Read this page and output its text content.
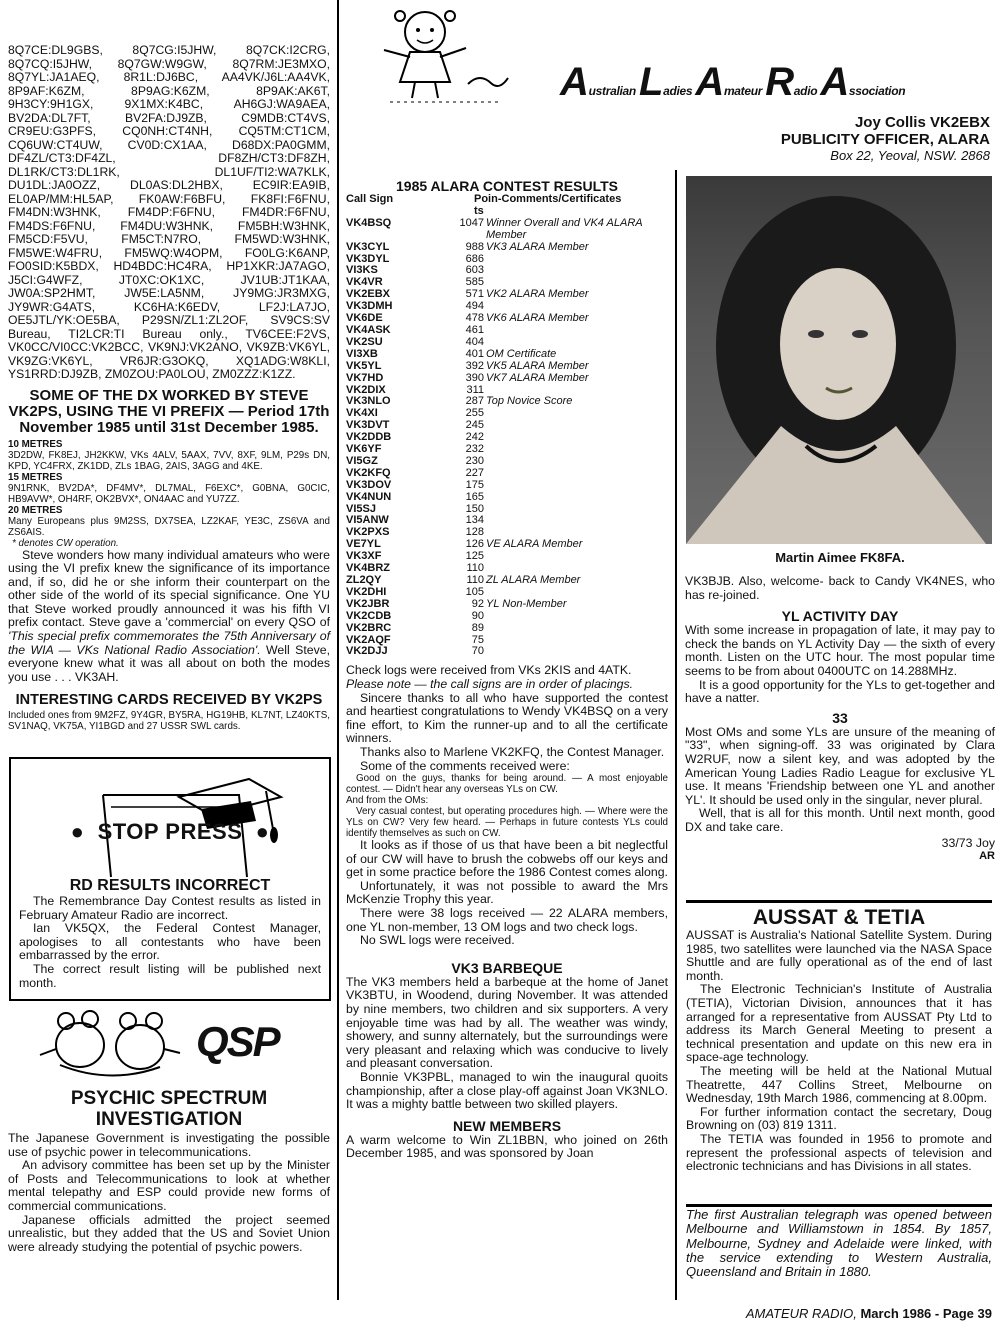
8Q7CE:DL9GBS, 8Q7CG:I5JHW, 8Q7CK:I2CRG, 8Q7CQ:I5JHW, 8Q7GW:W9GW, 8Q7RM:JE3MXO, 8Q7YL:JA1AEQ, 8R1L:DJ6BC, AA4VK/J6L:AA4VK, 8P9AF:K6ZM, 8P9AG:K6ZM, 8P9AK:AK6T, 9H3CY:9H1GX, 9X1MX:K4BC, AH6GJ:WA9AEA, BV2DA:DL7FT, BV2FA:DJ9ZB, C9MDB:CT4VS, CR9EU:G3PFS, CQ0NH:CT4NH, CQ5TM:CT1CM, CQ6UW:CT4UW, CV0D:CX1AA, D68DX:PA0GMM, DF4ZL/CT3:DF4ZL, DF8ZH/CT3:DF8ZH, DL1RK/CT3:DL1RK, DL1UF/TI2:WA7KLK, DU1DL:JA0OZZ, DL0AS:DL2HBX, EC9IR:EA9IB, EL0AP/MM:HL5AP, FK0AW:F6BFU, FK8FI:F6FNU, FM4DN:W3HNK, FM4DP:F6FNU, FM4DR:F6FNU, FM4DS:F6FNU, FM4DU:W3HNK, FM5BH:W3HNK, FM5CD:F5VU, FM5CT:N7RO, FM5WD:W3HNK, FM5WE:W4FRU, FM5WQ:W4OPM, FO0LG:K6ANP, FO0SID:K5BDX, HD4BDC:HC4RA, HP1XKR:JA7AGO, J5CI:G4WFZ, JT0XC:OK1XC, JV1UB:JT1KAA, JW0A:SP2HMT, JW5E:LA5NM, JY9MG:JR3MXG, JY9WR:G4ATS, KC6HA:K6EDV, LF2J:LA7JO, OE5JTL/YK:OE5BA, P29SN/ZL1:ZL2OF, SV9CS:SV Bureau, TI2LCR:TI Bureau only., TV6CEE:F2VS, VK0CC/VI0CC:VK2BCC, VK9NJ:VK2ANO, VK9ZB:VK6YL, VK9ZG:VK6YL, VR6JR:G3OKQ, XQ1ADG:W8KLI, YS1RRD:DJ9ZB, ZM0ZOU:PA0LOU, ZM0ZZZ:K1ZZ.

SOME OF THE DX WORKED BY STEVE VK2PS, USING THE VI PREFIX — Period 17th November 1985 until 31st December 1985.

10 METRES
3D2DW, FK8EJ, JH2KKW, VKs 4ALV, 5AAX, 7VV, 8XF, 9LM, P29s DN, KPD, YC4FRX, ZK1DD, ZLs 1BAG, 2AIS, 3AGG and 4KE.
15 METRES
9N1RNK, BV2DA*, DF4MV*, DL7MAL, F6EXC*, G0BNA, G0CIC, HB9AVW*, OH4RF, OK2BVX*, ON4AAC and YU7ZZ.
20 METRES
Many Europeans plus 9M2SS, DX7SEA, LZ2KAF, YE3C, ZS6VA and ZS6AIS.
* denotes CW operation.

Steve wonders how many individual amateurs who were using the VI prefix knew the significance of its importance and, if so, did he or she inform their counterpart on the other side of the world of its special significance. One YU that Steve worked proudly announced it was his fifth VI prefix contact. Steve gave a 'commercial' on every QSO of 'This special prefix commemorates the 75th Anniversary of the WIA — VKs National Radio Association'. Well Steve, everyone knew what it was all about on both the modes you use . . . VK3AH.

INTERESTING CARDS RECEIVED BY VK2PS

Included ones from 9M2FZ, 9Y4GR, BY5RA, HG19HB, KL7NT, LZ40KTS, SV1NAQ, VK75A, YI1BGD and 27 USSR SWL cards.

● STOP PRESS ●

RD RESULTS INCORRECT

The Remembrance Day Contest results as listed in February Amateur Radio are incorrect.

Ian VK5QX, the Federal Contest Manager, apologises to all contestants who have been embarrassed by the error.

The correct result listing will be published next month.

QSP

PSYCHIC SPECTRUM INVESTIGATION

The Japanese Government is investigating the possible use of psychic power in telecommunications.

An advisory committee has been set up by the Minister of Posts and Telecommunications to look at whether mental telepathy and ESP could provide new forms of commercial communications.

Japanese officials admitted the project seemed unrealistic, but they added that the US and Soviet Union were already studying the potential of psychic powers.

Australian Ladies Amateur Radio Association
Joy Collis VK2EBX
PUBLICITY OFFICER, ALARA
Box 22, Yeoval, NSW. 2868

1985 ALARA CONTEST RESULTS

Call Sign	Poin-Comments/Certificates
ts	
VK4BSQ	1047	Winner Overall and VK4 ALARA Member
VK3CYL	988	VK3 ALARA Member
VK3DYL	686	
VI3KS	603	
VK4VR	585	
VK2EBX	571	VK2 ALARA Member
VK3DMH	494	
VK6DE	478	VK6 ALARA Member
VK4ASK	461	
VK2SU	404	
VI3XB	401	OM Certificate
VK5YL	392	VK5 ALARA Member
VK7HD	390	VK7 ALARA Member
VK2DIX	311	
VK3NLO	287	Top Novice Score
VK4XI	255	
VK3DVT	245	
VK2DDB	242	
VK6YF	232	
VI5GZ	230	
VK2KFQ	227	
VK3DOV	175	
VK4NUN	165	
VI5SJ	150	
VI5ANW	134	
VK2PXS	128	
VE7YL	126	VE ALARA Member
VK3XF	125	
VK4BRZ	110	
ZL2QY	110	ZL ALARA Member
VK2DHI	105	
VK2JBR	92	YL Non-Member
VK2CDB	90	
VK2BRC	89	
VK2AQF	75	
VK2DJJ	70	

Check logs were received from VKs 2KIS and 4ATK.

Please note — the call signs are in order of placings.

Sincere thanks to all who have supported the contest and heartiest congratulations to Wendy VK4BSQ on a very fine effort, to Kim the runner-up and to all the certificate winners.

Thanks also to Marlene VK2KFQ, the Contest Manager.

Some of the comments received were:

Good on the guys, thanks for being around. — A most enjoyable contest. — Didn't hear any overseas YLs on CW.

And from the OMs:

Very casual contest, but operating procedures high. — Where were the YLs on CW? Very few heard. — Perhaps in future contests YLs could identify themselves as such on CW.

It looks as if those of us that have been a bit neglectful of our CW will have to brush the cobwebs off our keys and get in some practice before the 1986 Contest comes along.

Unfortunately, it was not possible to award the Mrs McKenzie Trophy this year.

There were 38 logs received — 22 ALARA members, one YL non-member, 13 OM logs and two check logs.

No SWL logs were received.

VK3 BARBEQUE

The VK3 members held a barbeque at the home of Janet VK3BTU, in Woodend, during November. It was attended by nine members, two children and six supporters. A very enjoyable time was had by all. The weather was windy, showery, and sunny alternately, but the surroundings were very pleasant and relaxing which was conducive to lively and pleasant conversation.

Bonnie VK3PBL, managed to win the inaugural quoits championship, after a close play-off against Joan VK3NLO. It was a mighty battle between two skilled players.

NEW MEMBERS

A warm welcome to Win ZL1BBN, who joined on 26th December 1985, and was sponsored by Joan

Martin Aimee FK8FA.

VK3BJB. Also, welcome- back to Candy VK4NES, who has re-joined.

YL ACTIVITY DAY

With some increase in propagation of late, it may pay to check the bands on YL Activity Day — the sixth of every month. Listen on the UTC hour. The most popular time seems to be from about 0400UTC on 14.288MHz.

It is a good opportunity for the YLs to get-together and have a natter.

33

Most OMs and some YLs are unsure of the meaning of "33", when signing-off. 33 was originated by Clara W2RUF, now a silent key, and was adopted by the American Young Ladies Radio League for exclusive YL use. It means 'Friendship between one YL and another YL'. It should be used only in the singular, never plural.

Well, that is all for this month. Until next month, good DX and take care.

33/73 Joy

AR

AUSSAT & TETIA

AUSSAT is Australia's National Satellite System. During 1985, two satellites were launched via the NASA Space Shuttle and are fully operational as of the end of last month.

The Electronic Technician's Institute of Australia (TETIA), Victorian Division, announces that it has arranged for a representative from AUSSAT Pty Ltd to address its March General Meeting to present a technical presentation and update on this new era in space-age technology.

The meeting will be held at the National Mutual Theatrette, 447 Collins Street, Melbourne on Wednesday, 19th March 1986, commencing at 8.00pm.

For further information contact the secretary, Doug Browning on (03) 819 1311.

The TETIA was founded in 1956 to promote and represent the professional aspects of television and electronic technicians and has Divisions in all states.

The first Australian telegraph was opened between Melbourne and Williamstown in 1854. By 1857, Melbourne, Sydney and Adelaide were linked, with the service extending to Western Australia, Queensland and Britain in 1880.

AMATEUR RADIO, March 1986 - Page 39
